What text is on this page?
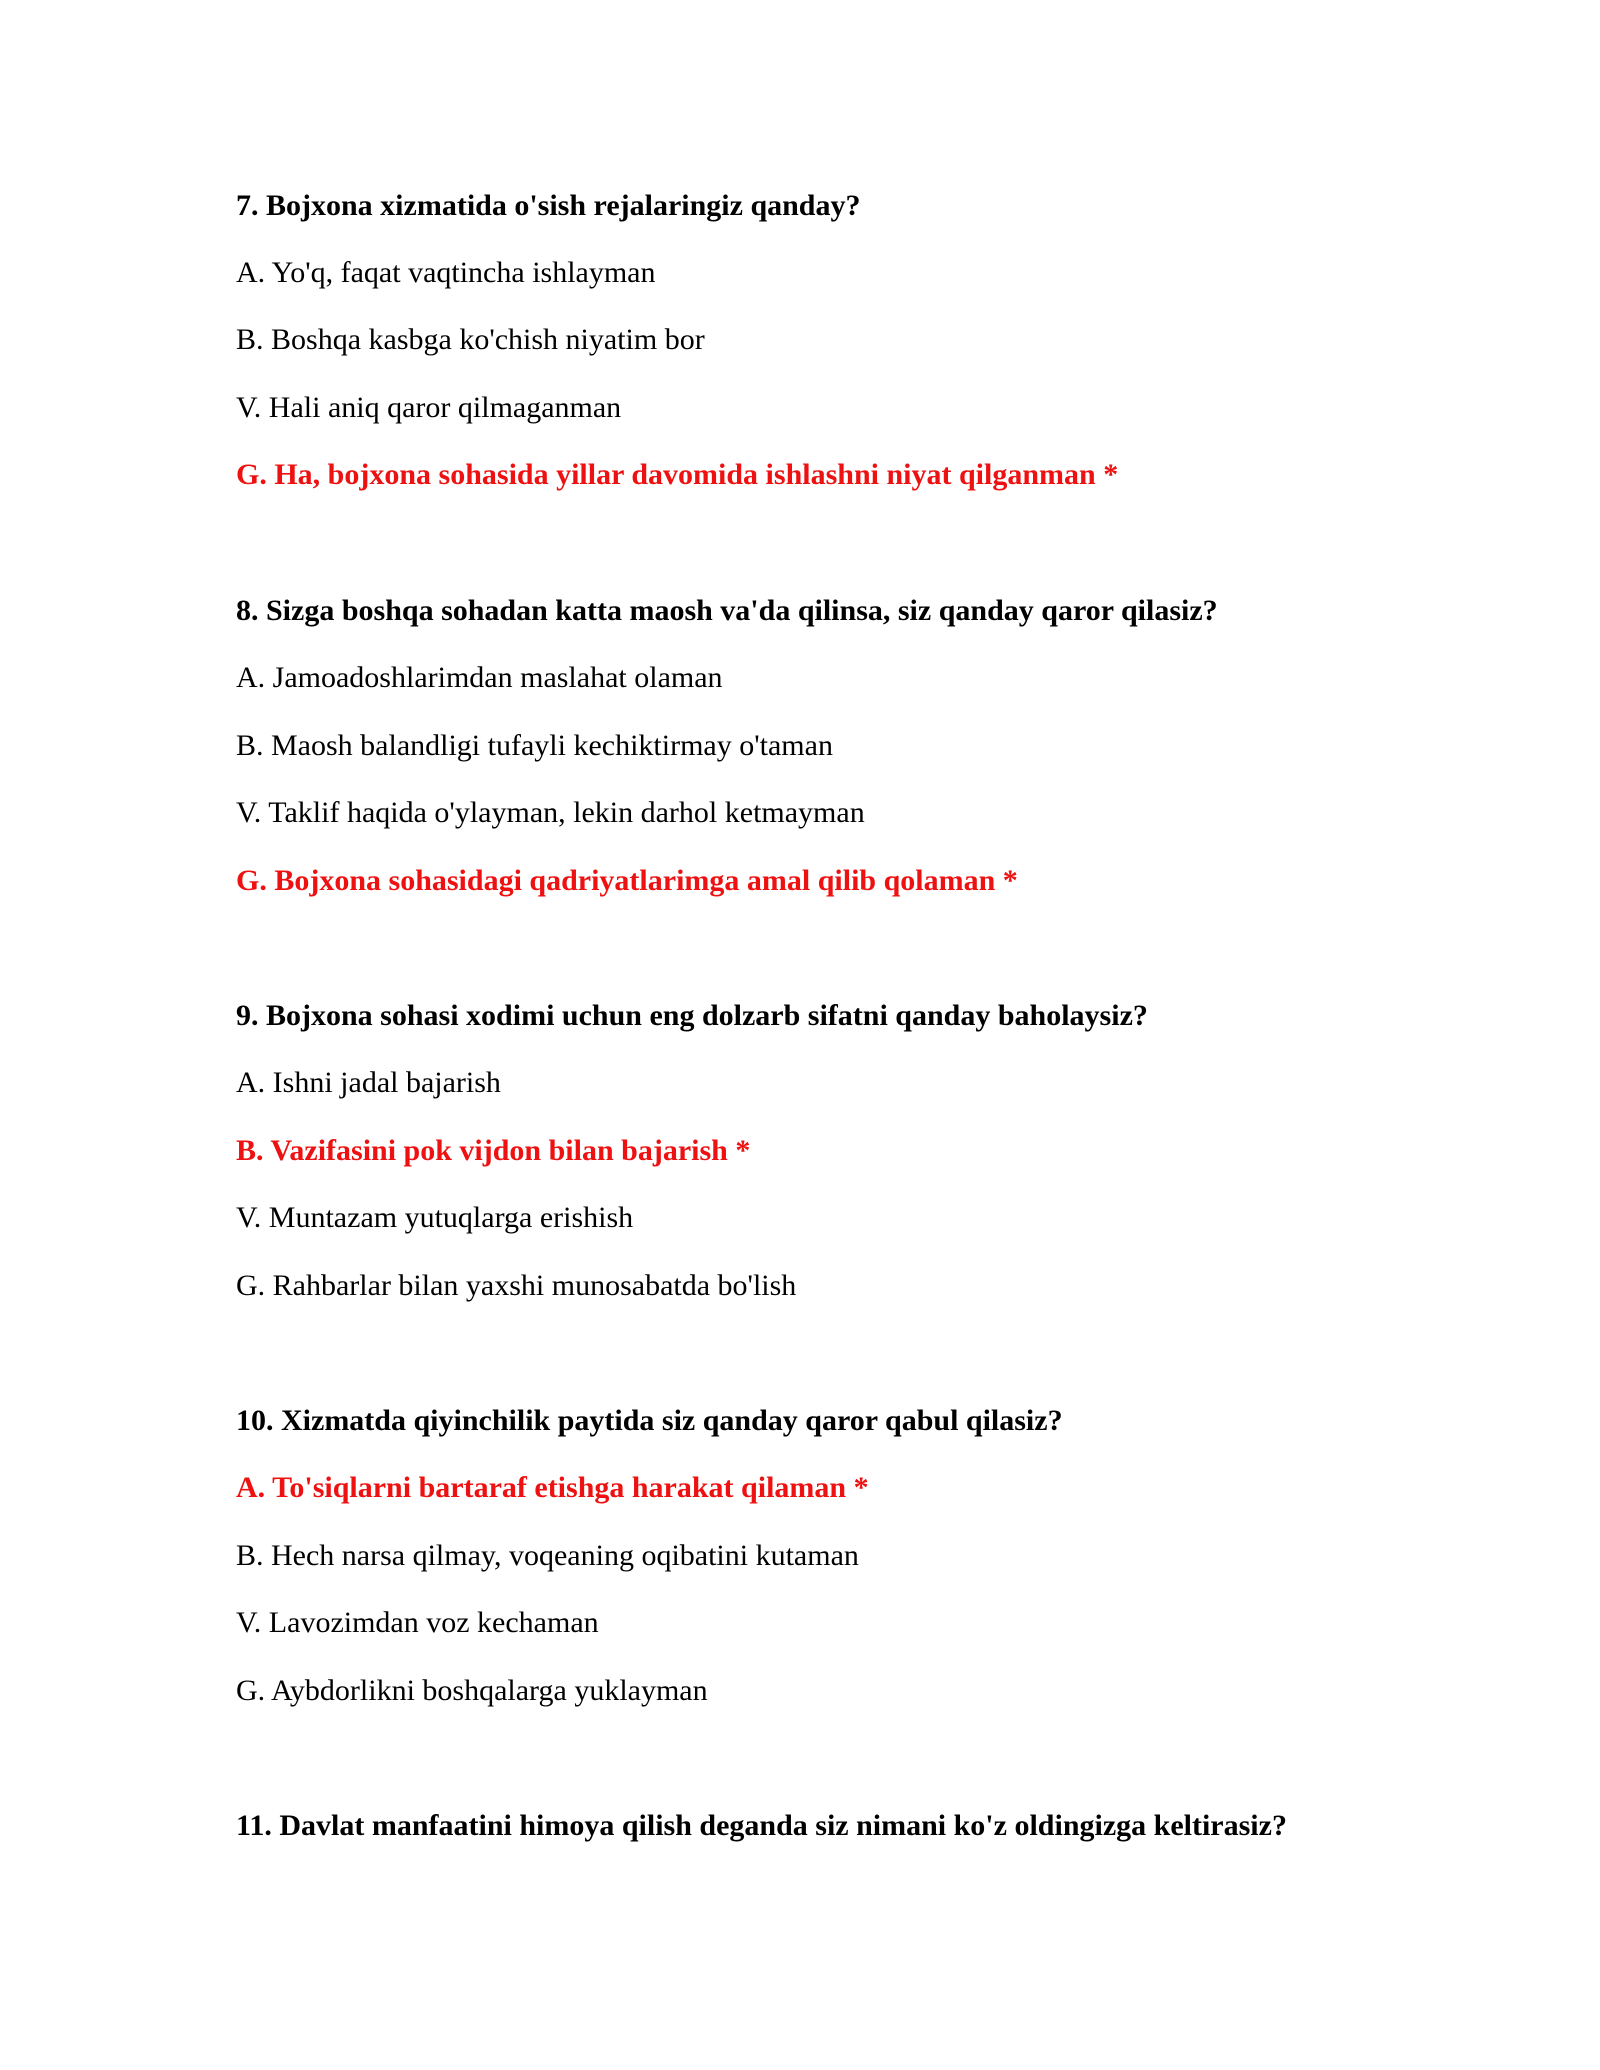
7. Bojxona xizmatida o'sish rejalaringiz qanday?

A. Yo'q, faqat vaqtincha ishlayman

B. Boshqa kasbga ko'chish niyatim bor

V. Hali aniq qaror qilmaganman

G. Ha, bojxona sohasida yillar davomida ishlashni niyat qilganman *

8. Sizga boshqa sohadan katta maosh va'da qilinsa, siz qanday qaror qilasiz?

A. Jamoadoshlarimdan maslahat olaman

B. Maosh balandligi tufayli kechiktirmay o'taman

V. Taklif haqida o'ylayman, lekin darhol ketmayman

G. Bojxona sohasidagi qadriyatlarimga amal qilib qolaman *

9. Bojxona sohasi xodimi uchun eng dolzarb sifatni qanday baholaysiz?

A. Ishni jadal bajarish

B. Vazifasini pok vijdon bilan bajarish *

V. Muntazam yutuqlarga erishish

G. Rahbarlar bilan yaxshi munosabatda bo'lish

10. Xizmatda qiyinchilik paytida siz qanday qaror qabul qilasiz?

A. To'siqlarni bartaraf etishga harakat qilaman *

B. Hech narsa qilmay, voqeaning oqibatini kutaman

V. Lavozimdan voz kechaman

G. Aybdorlikni boshqalarga yuklayman

11. Davlat manfaatini himoya qilish deganda siz nimani ko'z oldingizga keltirasiz?
